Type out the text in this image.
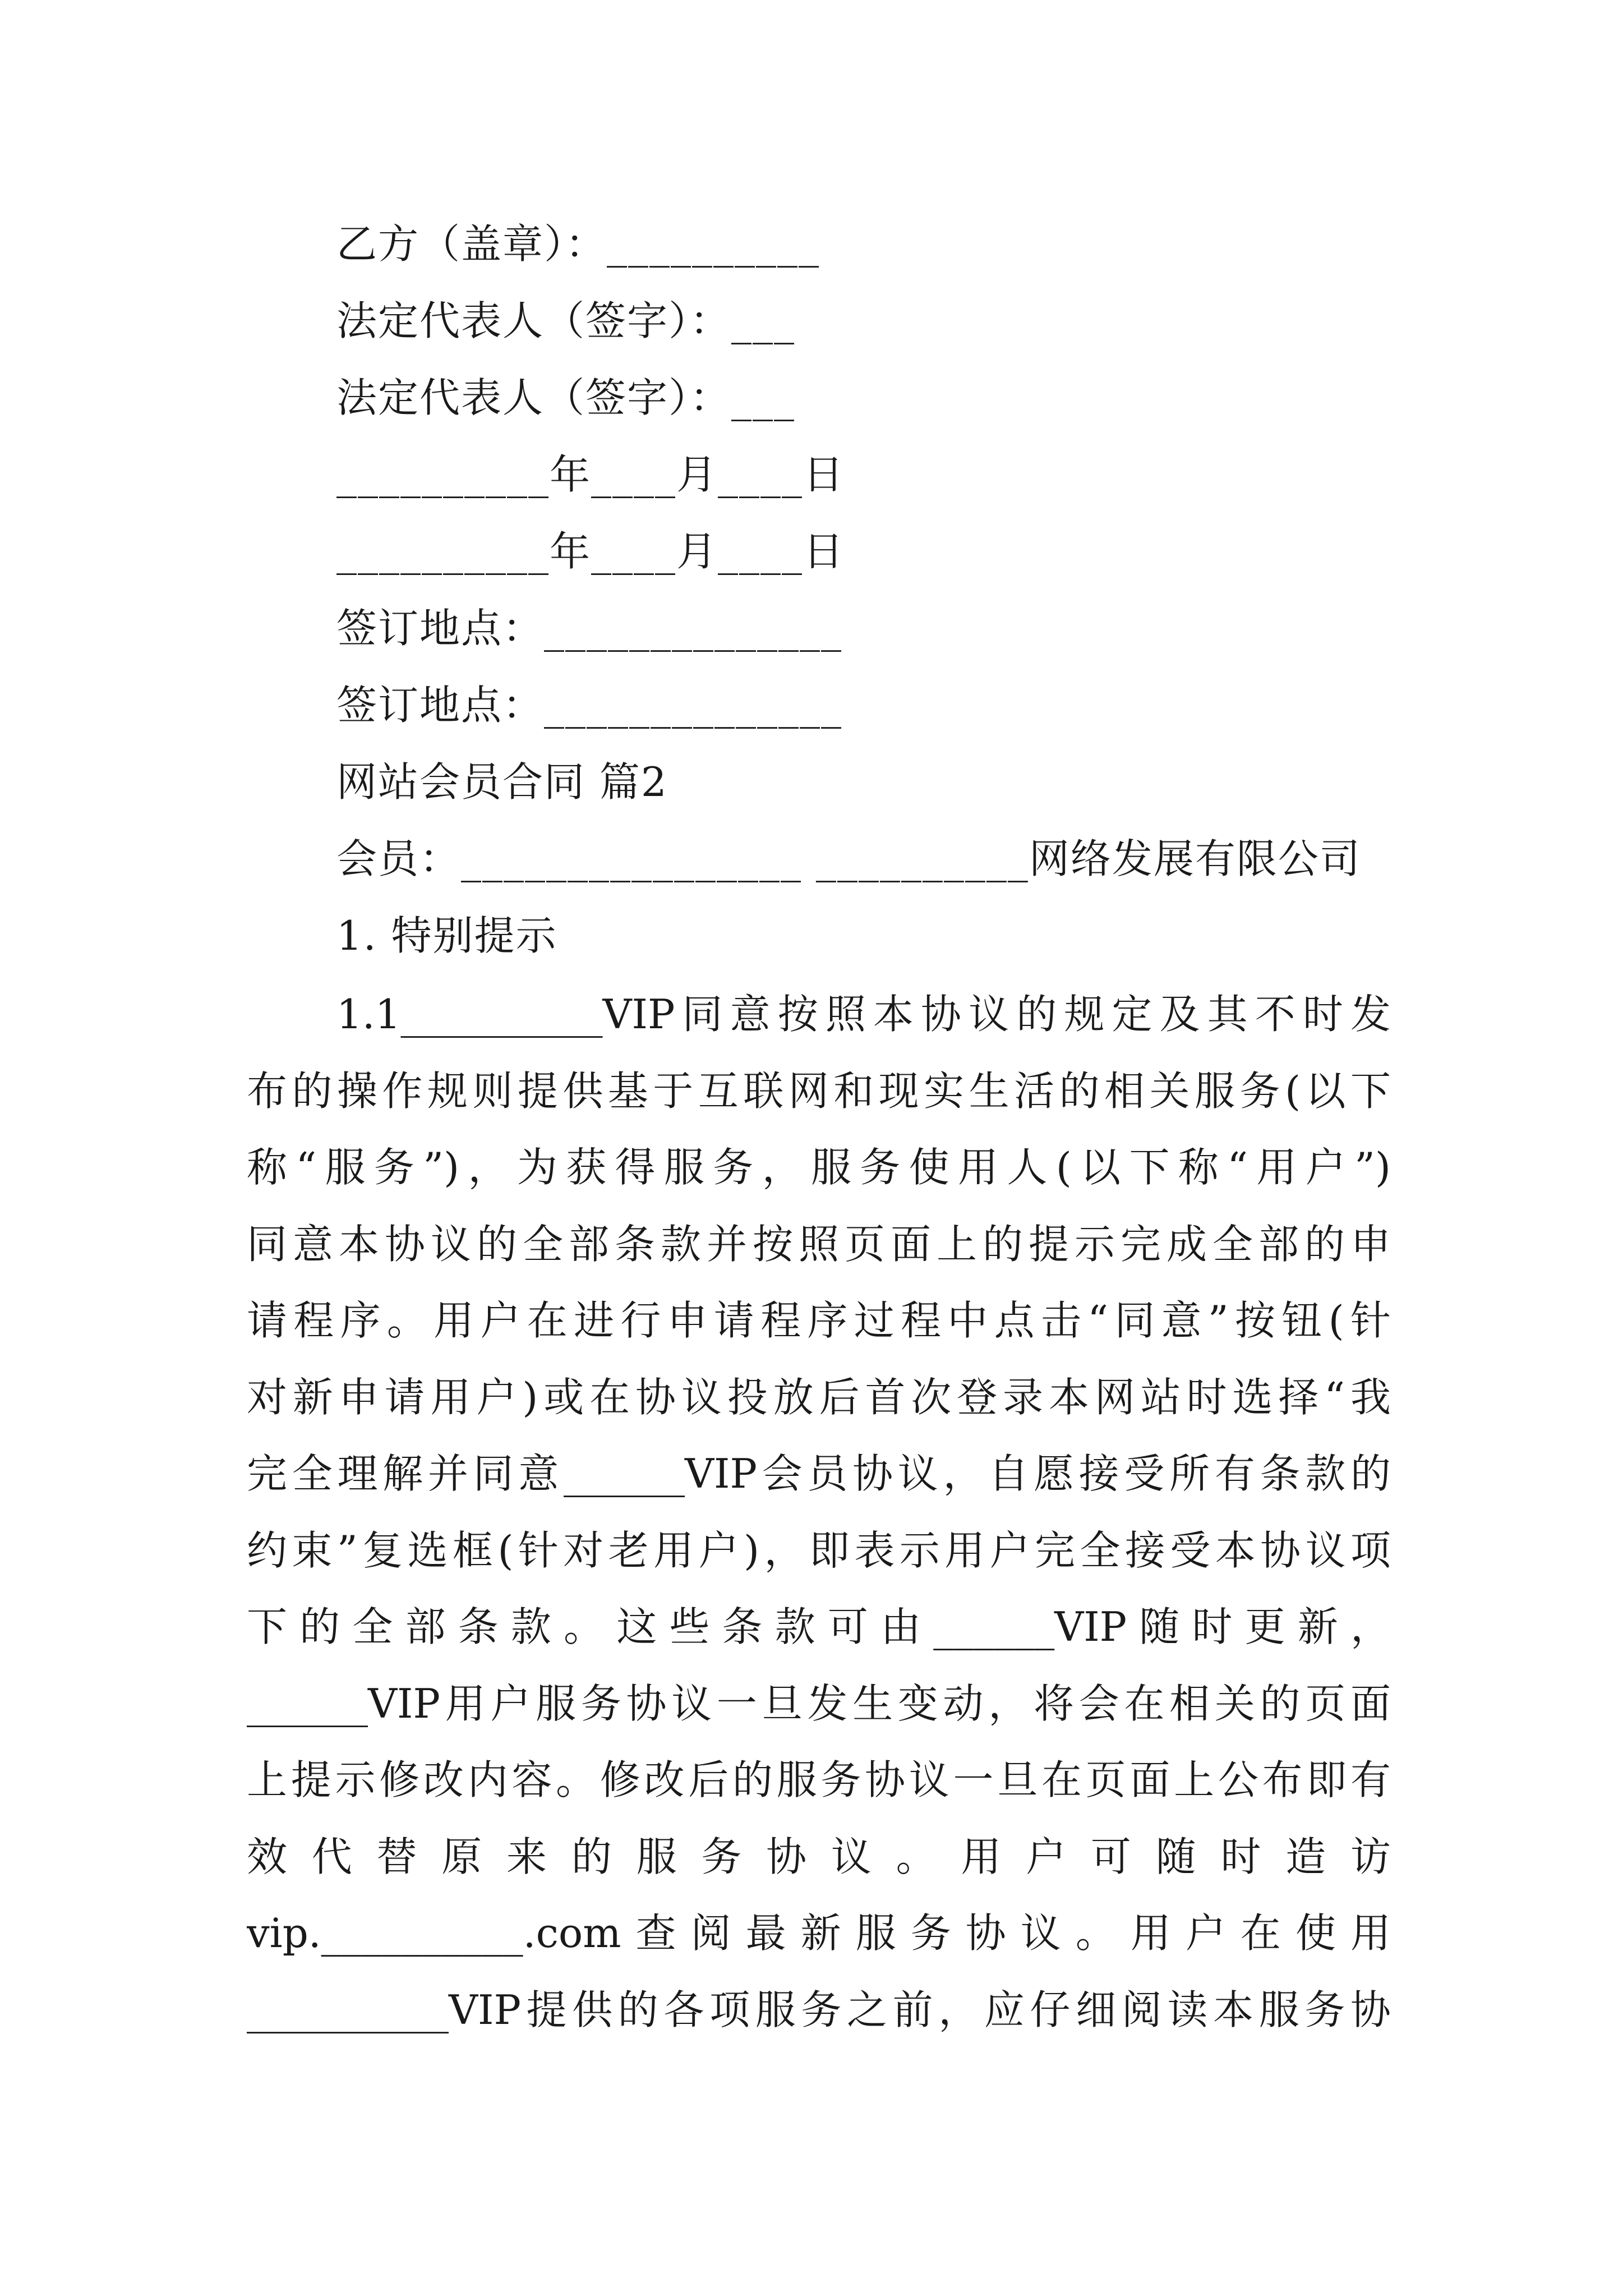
乙方（盖章）：__________
法定代表人（签字）：___
法定代表人（签字）：___
__________年____月____日
__________年____月____日
签订地点：______________
签订地点：______________
网站会员合同 篇2
会员：________________ __________网络发展有限公司
1. 特别提示
1.1__________VIP同意按照本协议的规定及其不时发
布的操作规则提供基于互联网和现实生活的相关服务(以下
称“服务”)，为获得服务，服务使用人(以下称“用户”)
同意本协议的全部条款并按照页面上的提示完成全部的申
请程序。用户在进行申请程序过程中点击“同意”按钮(针
对新申请用户)或在协议投放后首次登录本网站时选择“我
完全理解并同意______VIP会员协议，自愿接受所有条款的
约束”复选框(针对老用户)，即表示用户完全接受本协议项
下的全部条款。这些条款可由______VIP随时更新，
______VIP用户服务协议一旦发生变动，将会在相关的页面
上提示修改内容。修改后的服务协议一旦在页面上公布即有
效代替原来的服务协议。用户可随时造访
vip.__________.com查阅最新服务协议。用户在使用
__________VIP提供的各项服务之前，应仔细阅读本服务协
